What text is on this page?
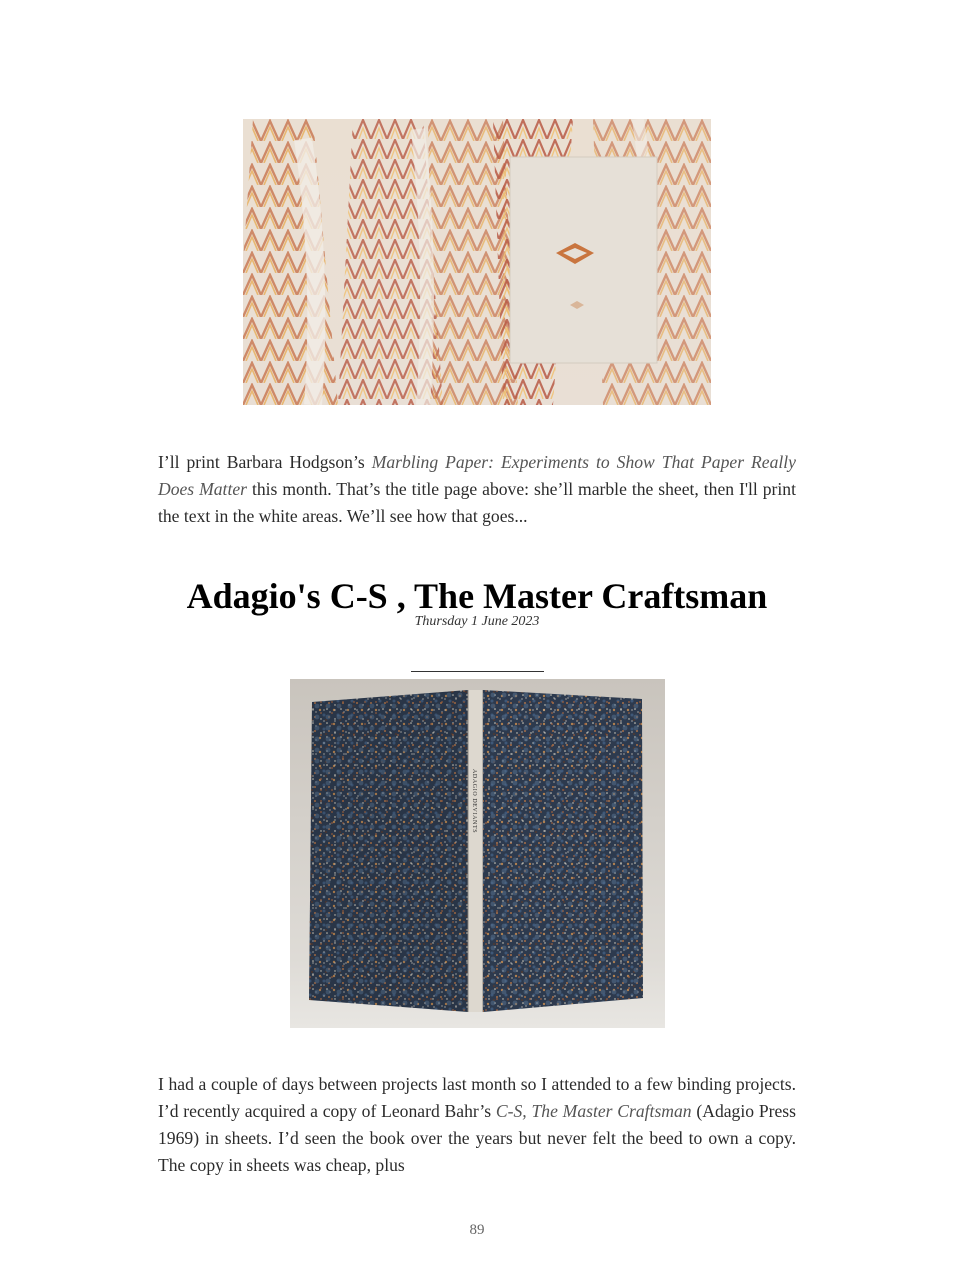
I’ll print Barbara Hodgson’s Marbling Paper: Experiments to Show That Paper Really Does Matter this month. That’s the title page above: she’ll marble the sheet, then I'll print the text in the white areas. We’ll see how that goes...
Adagio's C-S , The Master Craftsman
Thursday 1 June 2023
ADAGIO DEVIANTS
I had a couple of days between projects last month so I attended to a few binding projects. I’d recently acquired a copy of Leonard Bahr’s C-S, The Master Craftsman (Adagio Press 1969) in sheets. I’d seen the book over the years but never felt the beed to own a copy. The copy in sheets was cheap, plus
89
